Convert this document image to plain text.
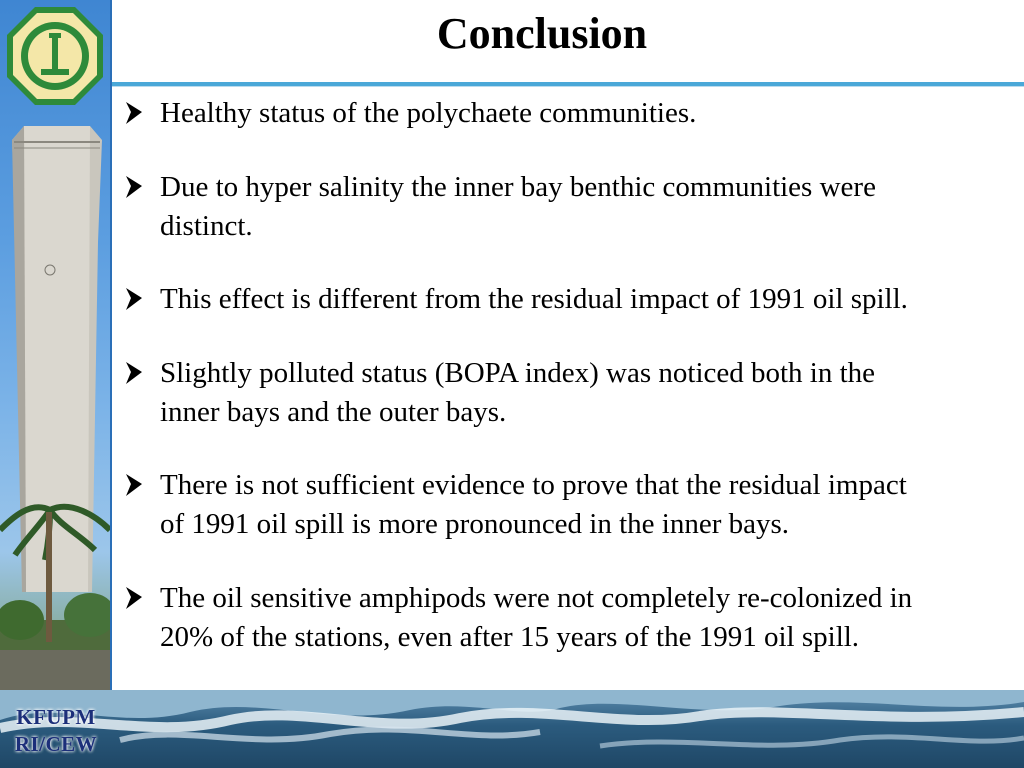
Conclusion
Healthy status of the polychaete communities.
Due to hyper salinity the inner bay benthic communities were
distinct.
This effect is different from the residual impact of 1991 oil spill.
Slightly polluted status (BOPA index) was noticed both in the
inner bays and the outer bays.
There is not sufficient evidence to prove that the residual impact
of 1991 oil spill is more pronounced in the inner bays.
The oil sensitive amphipods were not completely re-colonized in
20% of the stations, even after 15 years of the 1991 oil spill.
KFUPM
RI/CEW
